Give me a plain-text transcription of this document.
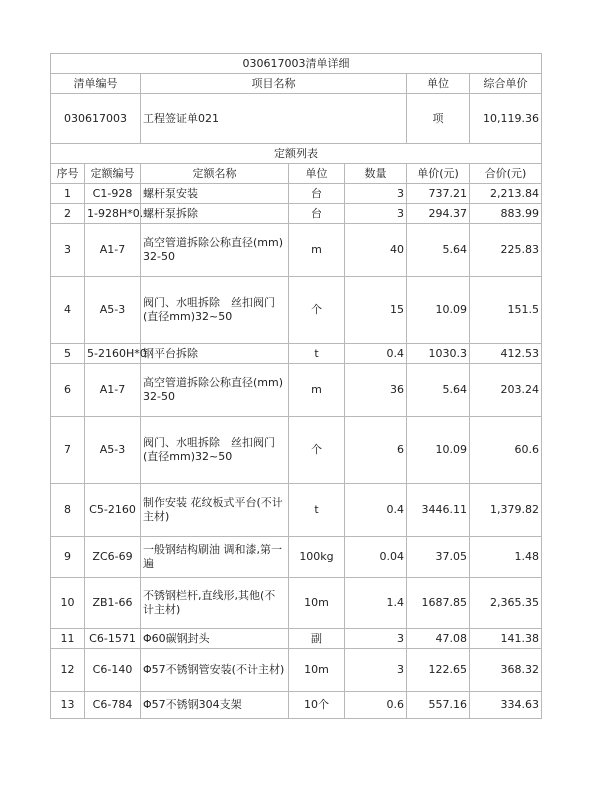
030617003清单详细						
清单编号		项目名称			单位	综合单价
030617003		工程签证单021			项	10,119.36
定额列表						
序号	定额编号	定额名称	单位	数量	单价(元)	合价(元)
1	C1-928	螺杆泵安装	台	3	737.21	2,213.84
2	1-928H*0.	螺杆泵拆除	台	3	294.37	883.99
3	A1-7	高空管道拆除公称直径(mm)32-50	m	40	5.64	225.83
4	A5-3	阀门、水咀拆除　丝扣阀门(直径mm)32~50	个	15	10.09	151.5
5	5-2160H*0	钢平台拆除	t	0.4	1030.3	412.53
6	A1-7	高空管道拆除公称直径(mm)32-50	m	36	5.64	203.24
7	A5-3	阀门、水咀拆除　丝扣阀门(直径mm)32~50	个	6	10.09	60.6
8	C5-2160	制作安装 花纹板式平台(不计主材)	t	0.4	3446.11	1,379.82
9	ZC6-69	一般钢结构刷油 调和漆,第一遍	100kg	0.04	37.05	1.48
10	ZB1-66	不锈钢栏杆,直线形,其他(不计主材)	10m	1.4	1687.85	2,365.35
11	C6-1571	Φ60碳钢封头	副	3	47.08	141.38
12	C6-140	Φ57不锈钢管安装(不计主材)	10m	3	122.65	368.32
13	C6-784	Φ57不锈钢304支架	10个	0.6	557.16	334.63
